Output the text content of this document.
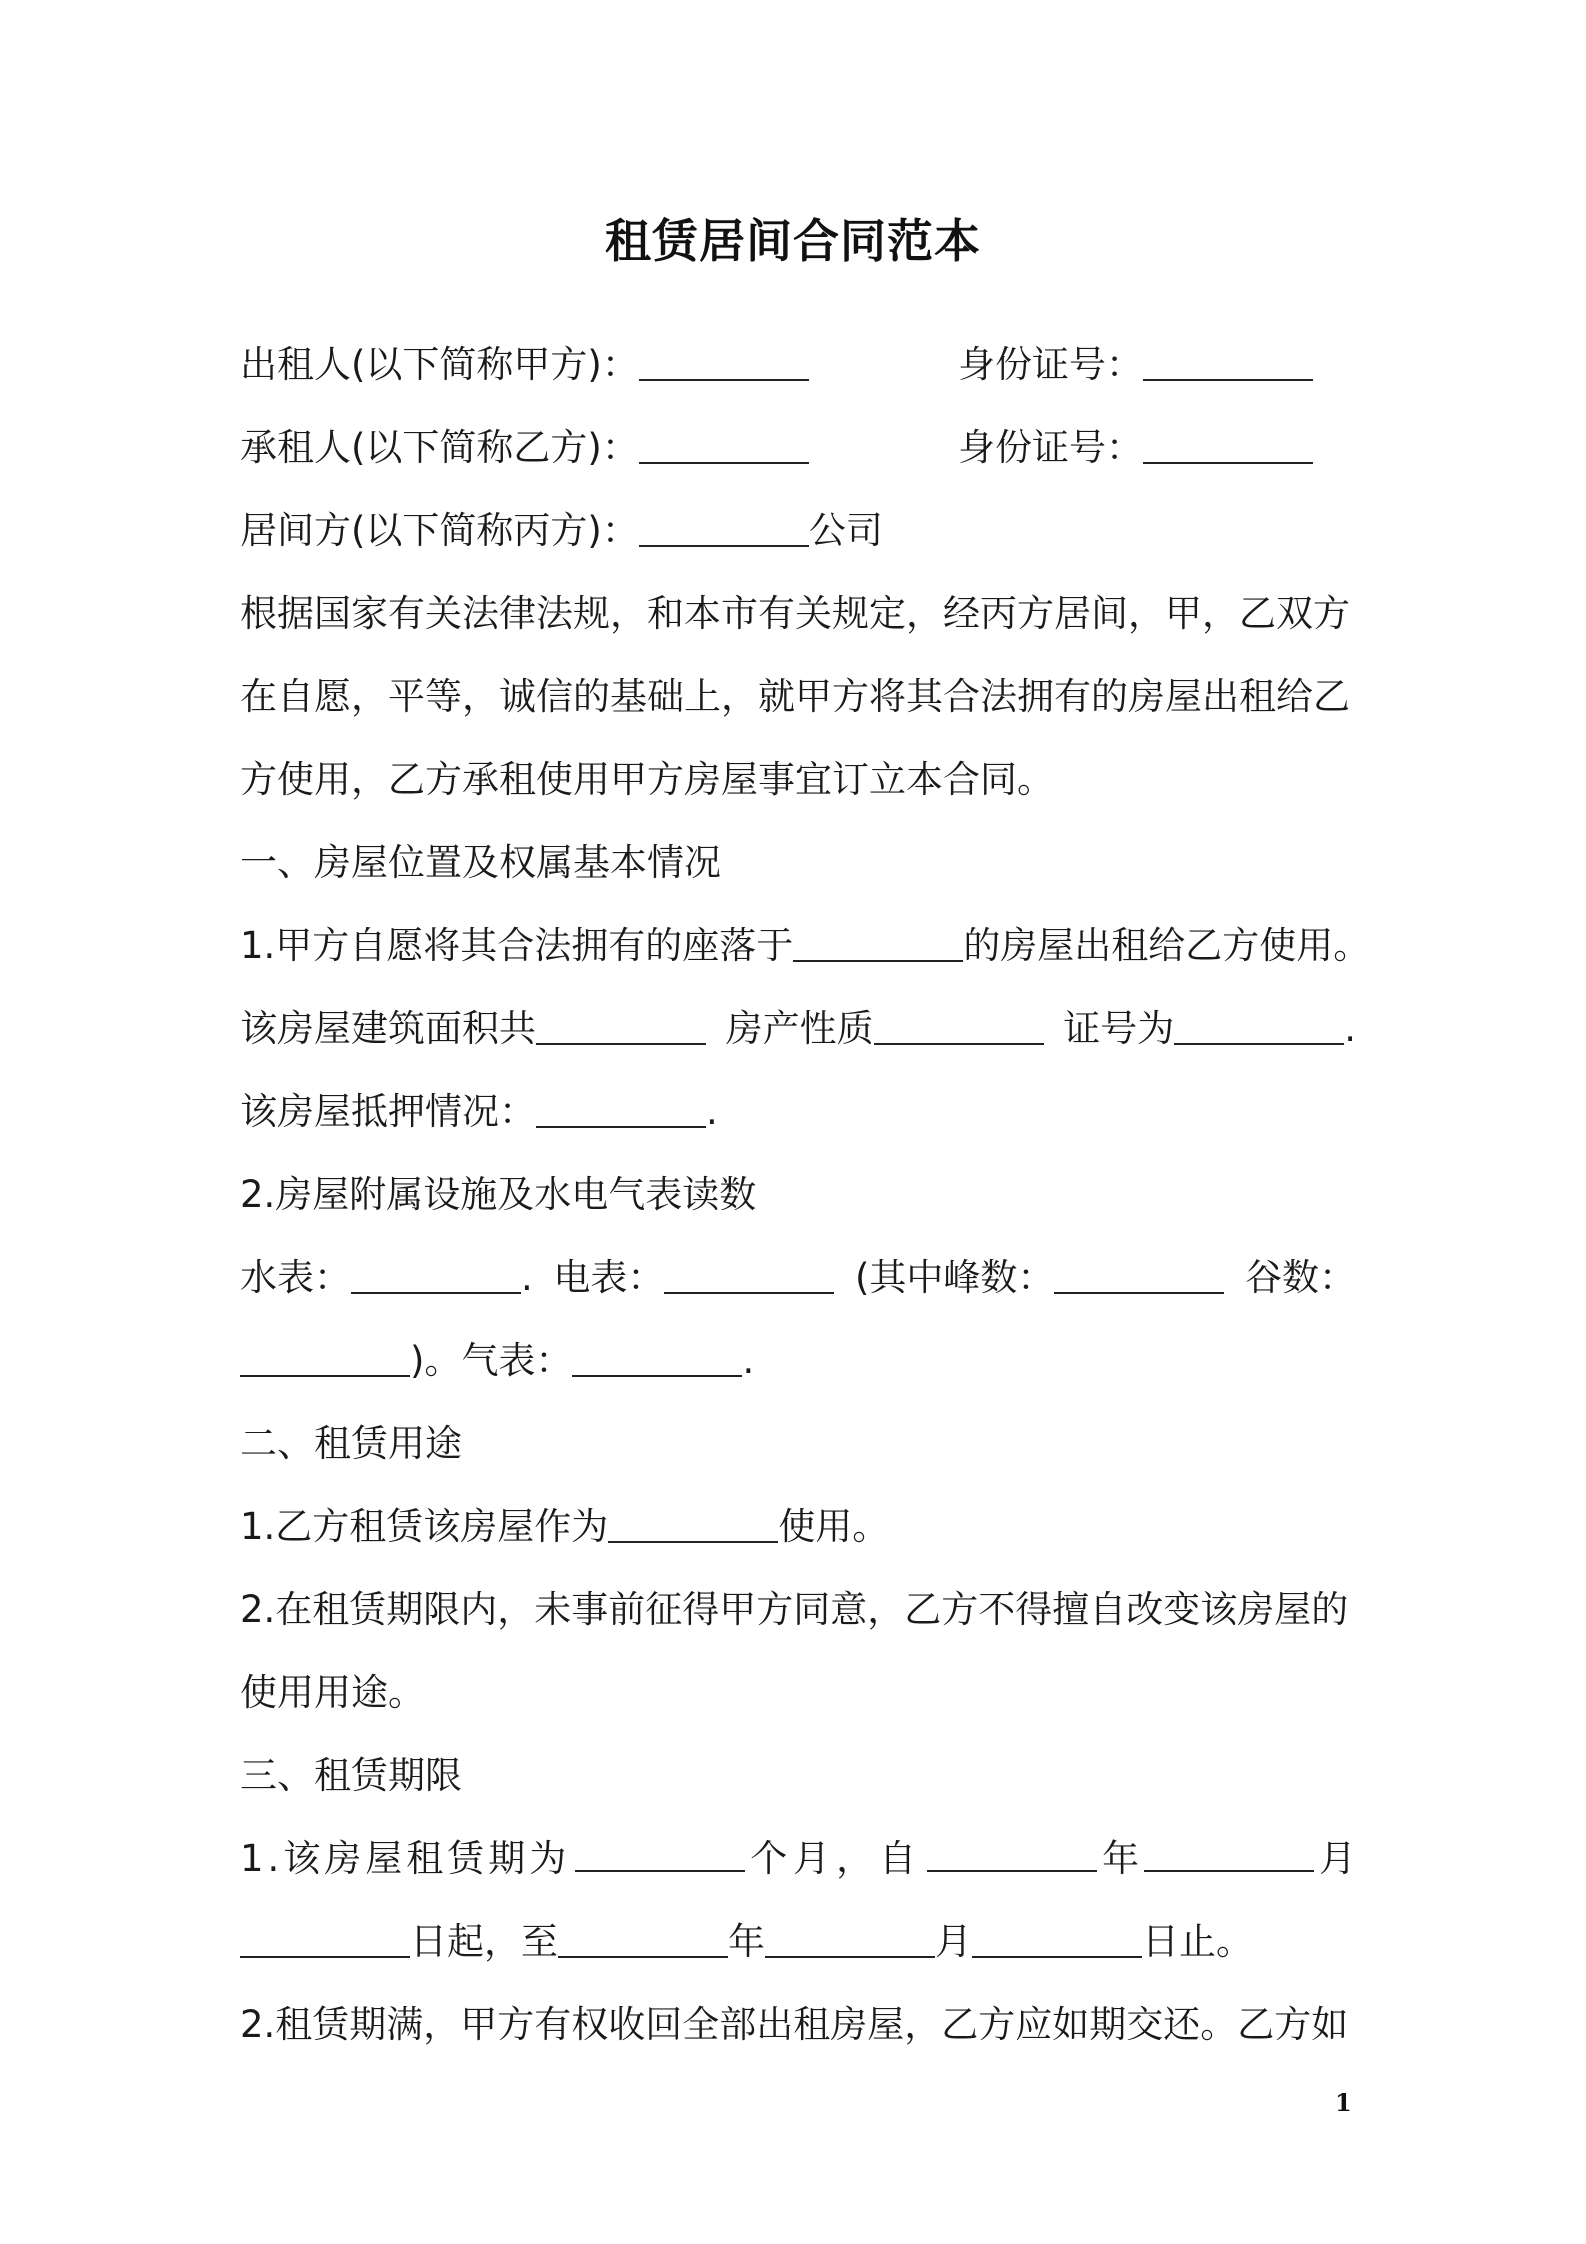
租赁居间合同范本
出租人(以下简称甲方)：	身份证号：
承租人(以下简称乙方)：	身份证号：
居间方(以下简称丙方)：	公司
根据国家有关法律法规，和本市有关规定，经丙方居间，甲，乙双方
在自愿，平等，诚信的基础上，就甲方将其合法拥有的房屋出租给乙
方使用，乙方承租使用甲方房屋事宜订立本合同。
一、房屋位置及权属基本情况
1.甲方自愿将其合法拥有的座落于	的房屋出租给乙方使用。
该房屋建筑面积共	房产性质	证号为	.
该房屋抵押情况：	.
2.房屋附属设施及水电气表读数
水表：	. 电表：	(其中峰数：	谷数：
)。气表：	.
二、租赁用途
1.乙方租赁该房屋作为	使用。
2.在租赁期限内，未事前征得甲方同意，乙方不得擅自改变该房屋的
使用用途。
三、租赁期限
1.该房屋租赁期为	个月，自	年	月
日起，至	年	月	日止。
2.租赁期满，甲方有权收回全部出租房屋，乙方应如期交还。乙方如
1
